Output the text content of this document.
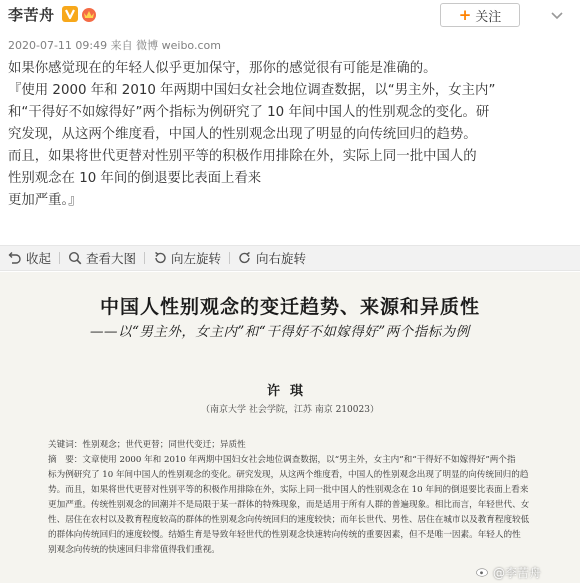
李苦舟	+ 关注
2020-07-11 09:49 来自 微博 weibo.com

如果你感觉现在的年轻人似乎更加保守，那你的感觉很有可能是准确的。

『使用 2000 年和 2010 年两期中国妇女社会地位调查数据，以“男主外，女主内”

和“干得好不如嫁得好”两个指标为例研究了 10 年间中国人的性别观念的变化。研

究发现，从这两个维度看，中国人的性别观念出现了明显的向传统回归的趋势。

而且，如果将世代更替对性别平等的积极作用排除在外，实际上同一批中国人的

性别观念在 10 年间的倒退要比表面上看来

更加严重。』

收起	查看大图	向左旋转	向右旋转
中国人性别观念的变迁趋势、来源和异质性
——以“男主外，女主内”和“干得好不如嫁得好”两个指标为例
许琪
（南京大学 社会学院，江苏 南京 210023）
关键词：性别观念；世代更替；同世代变迁；异质性
摘　要：文章使用 2000 年和 2010 年两期中国妇女社会地位调查数据，以“男主外，女主内”和“干得好不如嫁得好”两个指
标为例研究了 10 年间中国人的性别观念的变化。研究发现，从这两个维度看，中国人的性别观念出现了明显的向传统回归的趋
势。而且，如果将世代更替对性别平等的积极作用排除在外，实际上同一批中国人的性别观念在 10 年间的倒退要比表面上看来
更加严重。传统性别观念的回潮并不是局限于某一群体的特殊现象，而是适用于所有人群的普遍现象。相比而言，年轻世代、女
性、居住在农村以及教育程度较高的群体的性别观念向传统回归的速度较快；而年长世代、男性、居住在城市以及教育程度较低
的群体向传统回归的速度较慢。结婚生育是导致年轻世代的性别观念快速转向传统的重要因素，但不是唯一因素。年轻人的性
别观念向传统的快速回归非常值得我们重视。
@李苦舟
